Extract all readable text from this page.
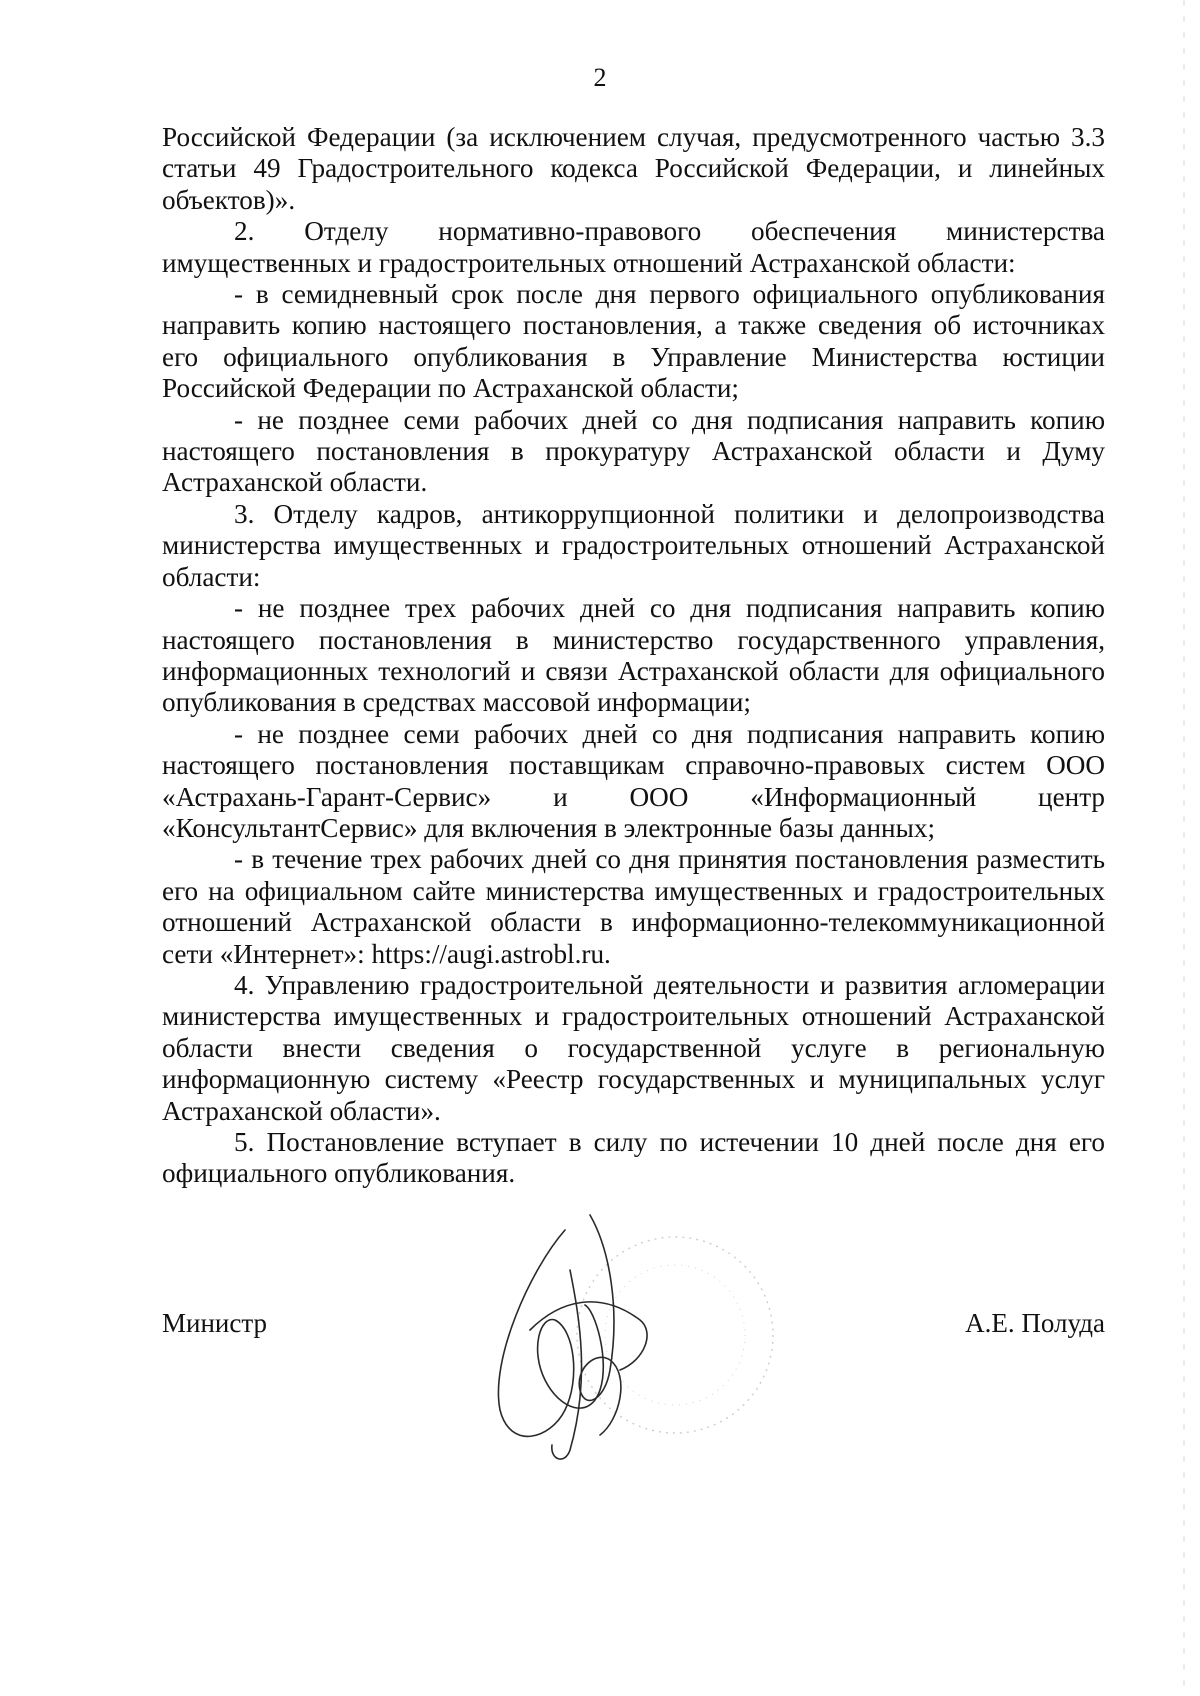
2

Российской Федерации (за исключением случая, предусмотренного частью 3.3 статьи 49 Градостроительного кодекса Российской Федерации, и линейных объектов)».

2. Отделу нормативно-правового обеспечения министерства имущественных и градостроительных отношений Астраханской области:

- в семидневный срок после дня первого официального опубликования направить копию настоящего постановления, а также сведения об источниках его официального опубликования в Управление Министерства юстиции Российской Федерации по Астраханской области;

- не позднее семи рабочих дней со дня подписания направить копию настоящего постановления в прокуратуру Астраханской области и Думу Астраханской области.

3. Отделу кадров, антикоррупционной политики и делопроизводства министерства имущественных и градостроительных отношений Астраханской области:

- не позднее трех рабочих дней со дня подписания направить копию настоящего постановления в министерство государственного управления, информационных технологий и связи Астраханской области для официального опубликования в средствах массовой информации;

- не позднее семи рабочих дней со дня подписания направить копию настоящего постановления поставщикам справочно-правовых систем ООО «Астрахань-Гарант-Сервис» и ООО «Информационный центр «КонсультантСервис» для включения в электронные базы данных;

- в течение трех рабочих дней со дня принятия постановления разместить его на официальном сайте министерства имущественных и градостроительных отношений Астраханской области в информационно-телекоммуникационной сети «Интернет»: https://augi.astrobl.ru.

4. Управлению градостроительной деятельности и развития агломерации министерства имущественных и градостроительных отношений Астраханской области внести сведения о государственной услуге в региональную информационную систему «Реестр государственных и муниципальных услуг Астраханской области».

5. Постановление вступает в силу по истечении 10 дней после дня его официального опубликования.

Министр	А.Е. Полуда
